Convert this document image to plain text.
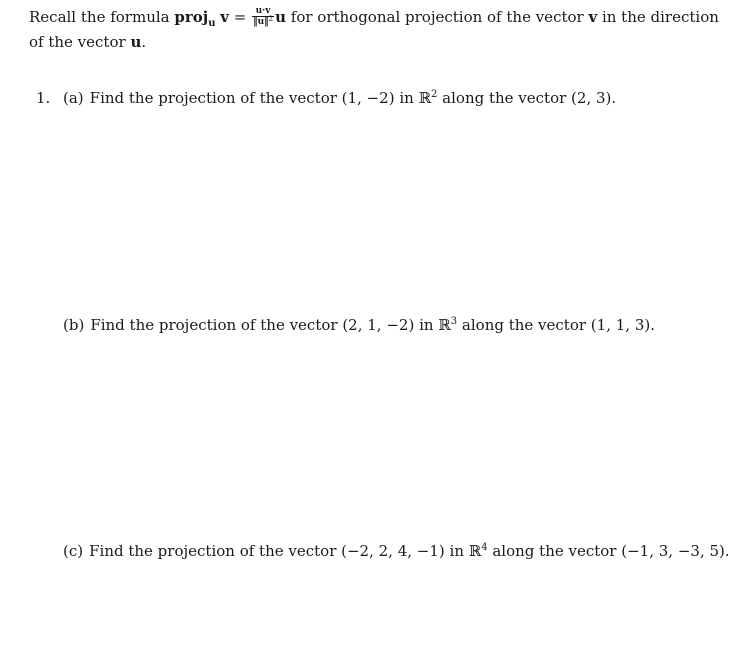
Recall the formula proj$_u$ $v = \frac{u\cdot v}{‖u‖^2}$ u for orthogonal projection of the vector v in the direction
of the vector u.
1. (a) Find the projection of the vector (1, −2) in ℝ$^2$ along the vector (2, 3).
(b) Find the projection of the vector (2, 1, −2) in ℝ$^3$ along the vector (1, 1, 3).
(c) Find the projection of the vector (−2, 2, 4, −1) in ℝ$^4$ along the vector (−1, 3, −3, 5).
